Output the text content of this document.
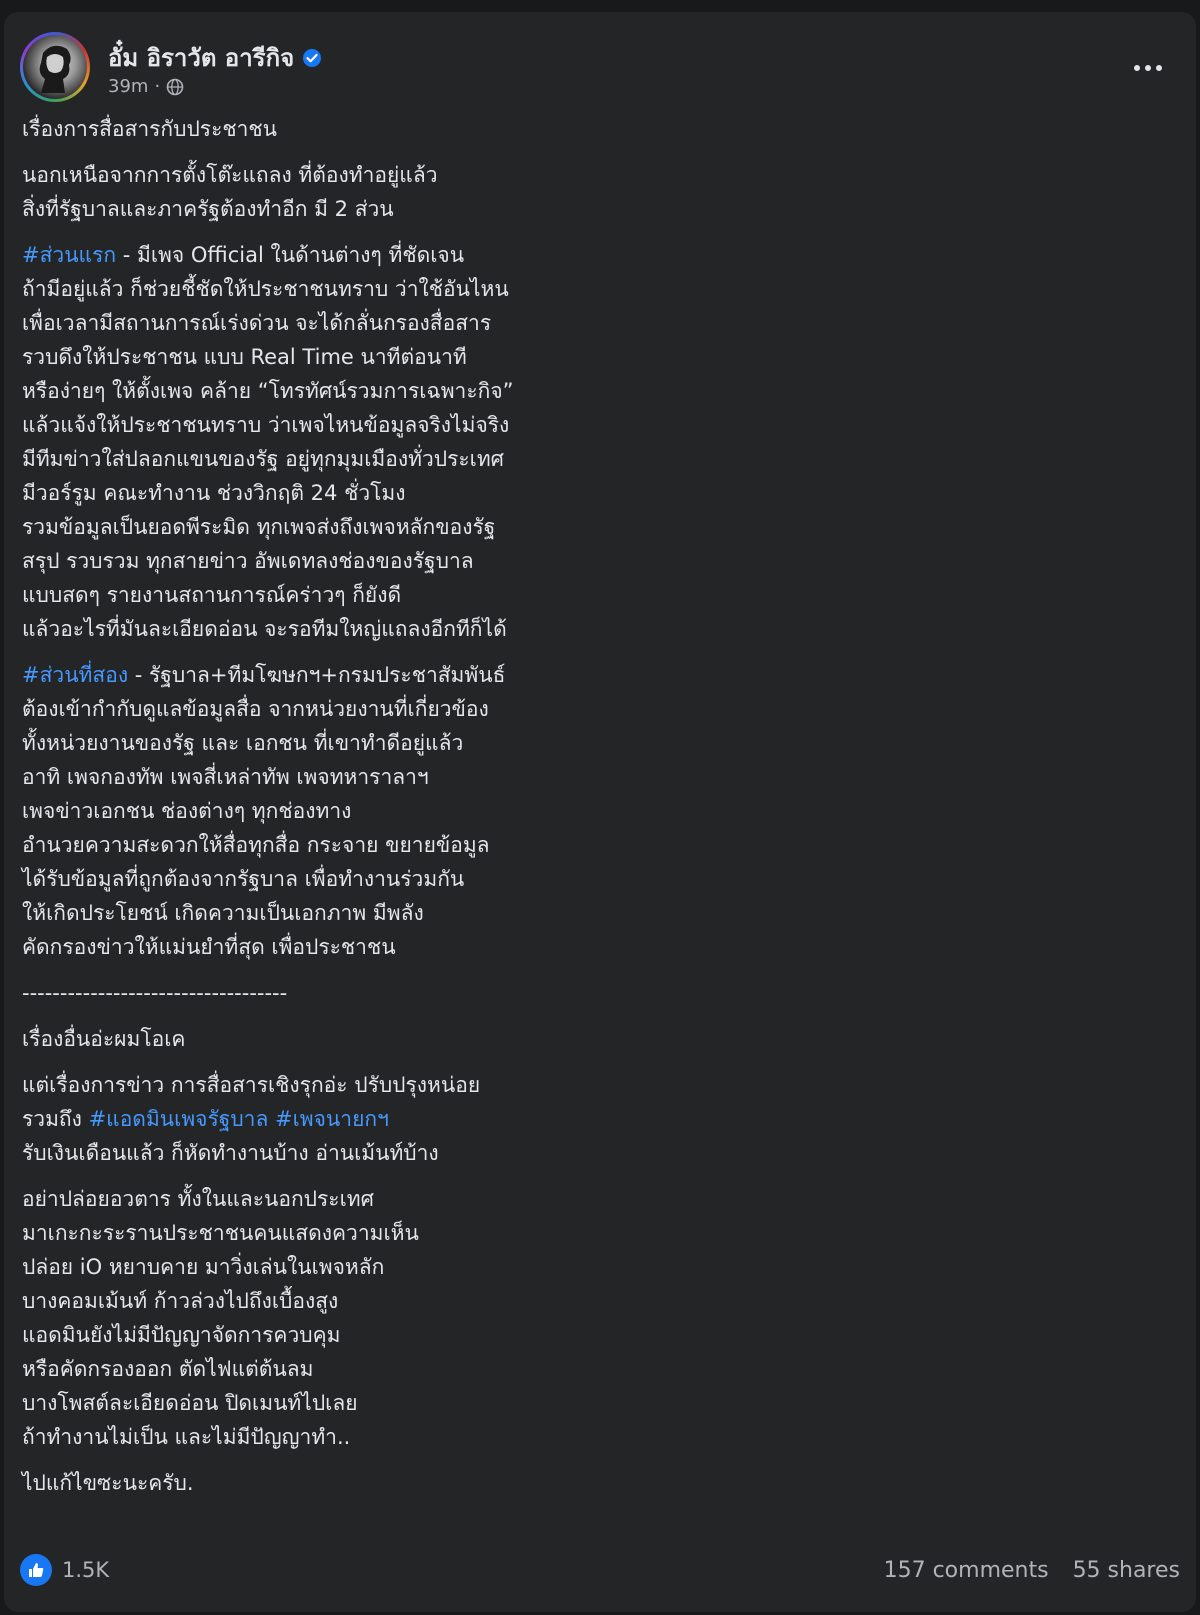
อั๋ม อิราวัต อารีกิจ
39m ·
เรื่องการสื่อสารกับประชาชน
นอกเหนือจากการตั้งโต๊ะแถลง ที่ต้องทำอยู่แล้ว
สิ่งที่รัฐบาลและภาครัฐต้องทำอีก มี 2 ส่วน
#ส่วนแรก - มีเพจ Official ในด้านต่างๆ ที่ชัดเจน
ถ้ามีอยู่แล้ว ก็ช่วยชี้ชัดให้ประชาชนทราบ ว่าใช้อันไหน
เพื่อเวลามีสถานการณ์เร่งด่วน จะได้กลั่นกรองสื่อสาร
รวบดึงให้ประชาชน แบบ Real Time นาทีต่อนาที
หรือง่ายๆ ให้ตั้งเพจ คล้าย “โทรทัศน์รวมการเฉพาะกิจ”
แล้วแจ้งให้ประชาชนทราบ ว่าเพจไหนข้อมูลจริงไม่จริง
มีทีมข่าวใส่ปลอกแขนของรัฐ อยู่ทุกมุมเมืองทั่วประเทศ
มีวอร์รูม คณะทำงาน ช่วงวิกฤติ 24 ชั่วโมง
รวมข้อมูลเป็นยอดพีระมิด ทุกเพจส่งถึงเพจหลักของรัฐ
สรุป รวบรวม ทุกสายข่าว อัพเดทลงช่องของรัฐบาล
แบบสดๆ รายงานสถานการณ์คร่าวๆ ก็ยังดี
แล้วอะไรที่มันละเอียดอ่อน จะรอทีมใหญ่แถลงอีกทีก็ได้
#ส่วนที่สอง - รัฐบาล+ทีมโฆษกฯ+กรมประชาสัมพันธ์
ต้องเข้ากำกับดูแลข้อมูลสื่อ จากหน่วยงานที่เกี่ยวข้อง
ทั้งหน่วยงานของรัฐ และ เอกชน ที่เขาทำดีอยู่แล้ว
อาทิ เพจกองทัพ เพจสี่เหล่าทัพ เพจทหาราลาฯ
เพจข่าวเอกชน ช่องต่างๆ ทุกช่องทาง
อำนวยความสะดวกให้สื่อทุกสื่อ กระจาย ขยายข้อมูล
ได้รับข้อมูลที่ถูกต้องจากรัฐบาล เพื่อทำงานร่วมกัน
ให้เกิดประโยชน์ เกิดความเป็นเอกภาพ มีพลัง
คัดกรองข่าวให้แม่นยำที่สุด เพื่อประชาชน
-----------------------------------
เรื่องอื่นอ่ะผมโอเค
แต่เรื่องการข่าว การสื่อสารเชิงรุกอ่ะ ปรับปรุงหน่อย
รวมถึง #แอดมินเพจรัฐบาล #เพจนายกฯ
รับเงินเดือนแล้ว ก็หัดทำงานบ้าง อ่านเม้นท์บ้าง
อย่าปล่อยอวตาร ทั้งในและนอกประเทศ
มาเกะกะระรานประชาชนคนแสดงความเห็น
ปล่อย iO หยาบคาย มาวิ่งเล่นในเพจหลัก
บางคอมเม้นท์ ก้าวล่วงไปถึงเบื้องสูง
แอดมินยังไม่มีปัญญาจัดการควบคุม
หรือคัดกรองออก ตัดไฟแต่ต้นลม
บางโพสต์ละเอียดอ่อน ปิดเมนท์ไปเลย
ถ้าทำงานไม่เป็น และไม่มีปัญญาทำ..
ไปแก้ไขซะนะครับ.
1.5K	157 comments 55 shares
